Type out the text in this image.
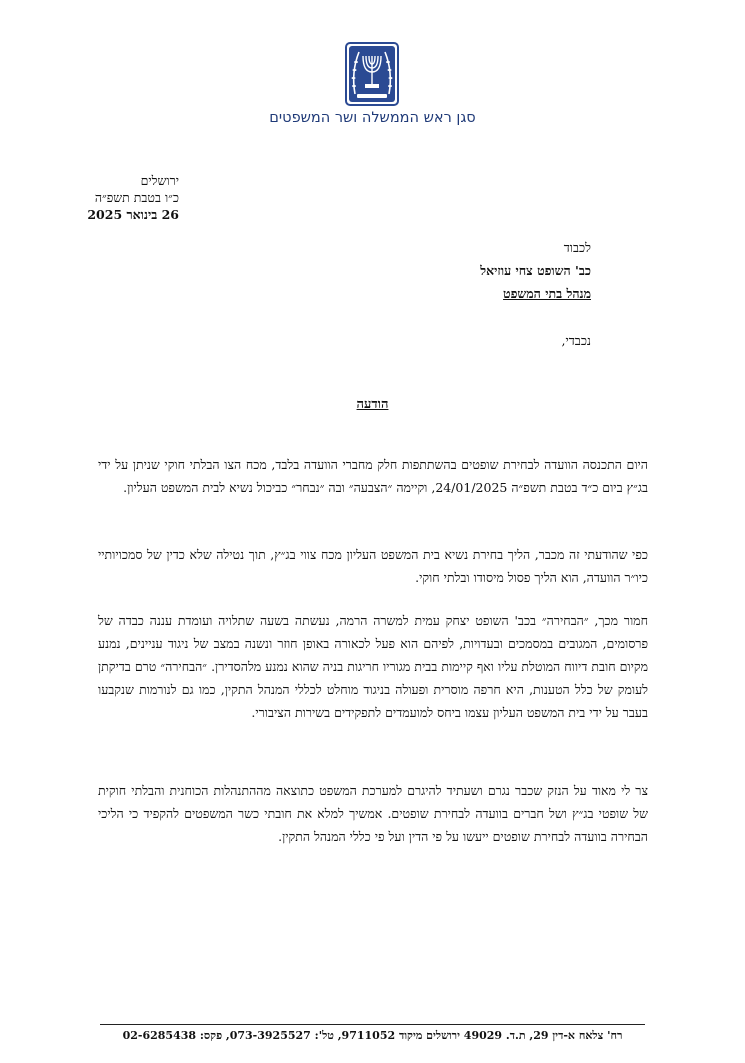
סגן ראש הממשלה ושר המשפטים
ירושלים
כ״ו בטבת תשפ״ה
26 בינואר 2025
לכבוד
כב' השופט צחי עוזיאל
מנהל בתי המשפט
נכבדי,
הודעה
היום התכנסה הוועדה לבחירת שופטים בהשתתפות חלק מחברי הוועדה בלבד, מכח הצו הבלתי חוקי שניתן על ידי בג״ץ ביום כ״ד בטבת תשפ״ה 24/01/2025, וקיימה ״הצבעה״ ובה ״נבחר״ כביכול נשיא לבית המשפט העליון.
כפי שהודעתי זה מכבר, הליך בחירת נשיא בית המשפט העליון מכח צווי בג״ץ, תוך נטילה שלא כדין של סמכויותיי כיו״ר הוועדה, הוא הליך פסול מיסודו ובלתי חוקי.
חמור מכך, ״הבחירה״ בכב' השופט יצחק עמית למשרה הרמה, נעשתה בשעה שתלויה ועומדת עננה כבדה של פרסומים, המגובים במסמכים ובעדויות, לפיהם הוא פעל לכאורה באופן חוזר ונשנה במצב של ניגוד עניינים, נמנע מקיום חובת דיווח המוטלת עליו ואף קיימות בבית מגוריו חריגות בניה שהוא נמנע מלהסדירן. ״הבחירה״ טרם בדיקתן לעומק של כלל הטענות, היא חרפה מוסרית ופעולה בניגוד מוחלט לכללי המנהל התקין, כמו גם לנורמות שנקבעו בעבר על ידי בית המשפט העליון עצמו ביחס למועמדים לתפקידים בשירות הציבורי.
צר לי מאוד על הנזק שכבר נגרם ושעתיד להיגרם למערכת המשפט כתוצאה מההתנהלות הכוחנית והבלתי חוקית של שופטי בג״ץ ושל חברים בוועדה לבחירת שופטים. אמשיך למלא את חובתי כשר המשפטים להקפיד כי הליכי הבחירה בוועדה לבחירת שופטים ייעשו על פי הדין ועל פי כללי המנהל התקין.
רח' צלאח א-דין 29, ת.ד. 49029 ירושלים מיקוד 9711052, טל': 073-3925527, פקס: 02-6285438
